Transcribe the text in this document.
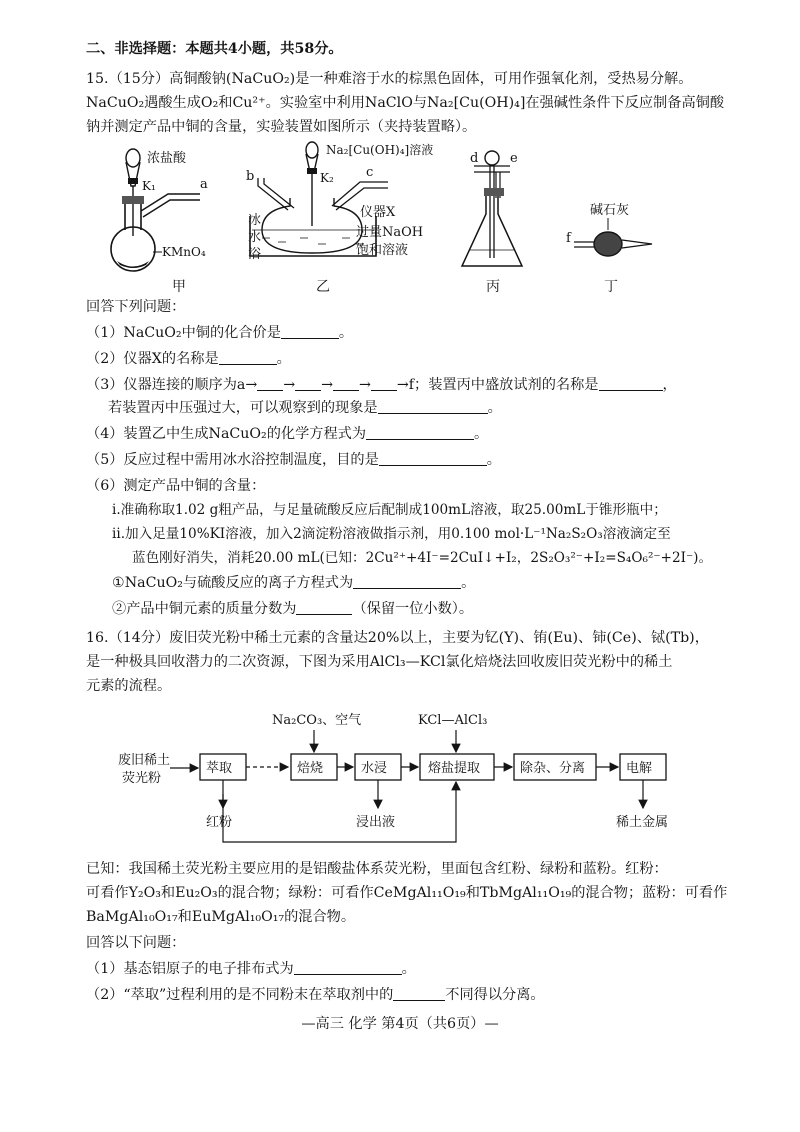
二、非选择题：本题共4小题，共58分。
15.（15分）高铜酸钠(NaCuO₂)是一种难溶于水的棕黑色固体，可用作强氧化剂，受热易分解。
NaCuO₂遇酸生成O₂和Cu²⁺。实验室中利用NaClO与Na₂[Cu(OH)₄]在强碱性条件下反应制备高铜酸
钠并测定产品中铜的含量，实验装置如图所示（夹持装置略）。
浓盐酸
K₁	a
KMnO₄
Na₂[Cu(OH)₄]溶液
K₂
b	c
冰
水
浴
仪器X
过量NaOH
饱和溶液
d e
碱石灰
f
甲	乙	丙	丁
回答下列问题：
（1）NaCuO₂中铜的化合价是	。
（2）仪器X的名称是	。
（3）仪器连接的顺序为a→ → → → →f；装置丙中盛放试剂的名称是	，
若装置丙中压强过大，可以观察到的现象是	。
（4）装置乙中生成NaCuO₂的化学方程式为	。
（5）反应过程中需用冰水浴控制温度，目的是	。
（6）测定产品中铜的含量：
ⅰ.准确称取1.02 g粗产品，与足量硫酸反应后配制成100mL溶液，取25.00mL于锥形瓶中；
ⅱ.加入足量10%KI溶液，加入2滴淀粉溶液做指示剂，用0.100 mol·L⁻¹Na₂S₂O₃溶液滴定至
蓝色刚好消失，消耗20.00 mL(已知：2Cu²⁺+4I⁻=2CuI↓+I₂，2S₂O₃²⁻+I₂=S₄O₆²⁻+2I⁻)。
①NaCuO₂与硫酸反应的离子方程式为	。
②产品中铜元素的质量分数为	（保留一位小数）。
16.（14分）废旧荧光粉中稀土元素的含量达20%以上，主要为钇(Y)、铕(Eu)、铈(Ce)、铽(Tb)，
是一种极具回收潜力的二次资源，下图为采用AlCl₃—KCl氯化焙烧法回收废旧荧光粉中的稀土
元素的流程。
废旧稀土
荧光粉
萃取
红粉
Na₂CO₃、空气
焙烧	水浸
浸出液
KCl—AlCl₃
熔盐提取	除杂、分离	电解
稀土金属
已知：我国稀土荧光粉主要应用的是铝酸盐体系荧光粉，里面包含红粉、绿粉和蓝粉。红粉：
可看作Y₂O₃和Eu₂O₃的混合物；绿粉：可看作CeMgAl₁₁O₁₉和TbMgAl₁₁O₁₉的混合物；蓝粉：可看作
BaMgAl₁₀O₁₇和EuMgAl₁₀O₁₇的混合物。
回答以下问题：
（1）基态铝原子的电子排布式为	。
（2）“萃取”过程利用的是不同粉末在萃取剂中的	不同得以分离。
—高三 化学 第4页（共6页）—
